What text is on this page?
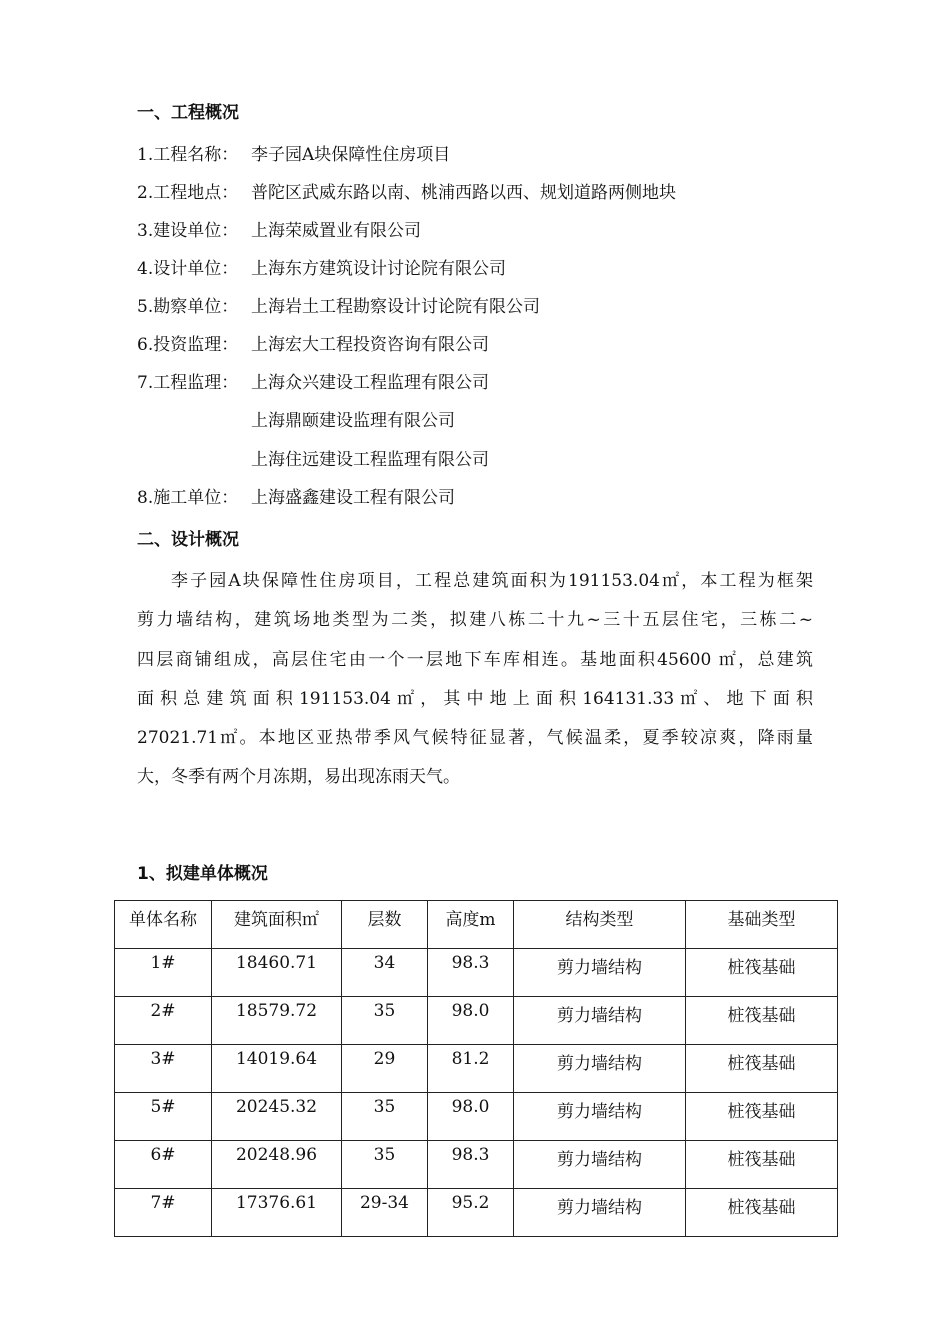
一、工程概况
1.工程名称： 李子园A块保障性住房项目
2.工程地点： 普陀区武威东路以南、桃浦西路以西、规划道路两侧地块
3.建设单位： 上海荣威置业有限公司
4.设计单位： 上海东方建筑设计讨论院有限公司
5.勘察单位： 上海岩土工程勘察设计讨论院有限公司
6.投资监理： 上海宏大工程投资咨询有限公司
7.工程监理： 上海众兴建设工程监理有限公司
上海鼎颐建设监理有限公司
上海住远建设工程监理有限公司
8.施工单位： 上海盛鑫建设工程有限公司
二、设计概况
李子园A块保障性住房项目，工程总建筑面积为191153.04㎡，本工程为框架
剪力墙结构，建筑场地类型为二类，拟建八栋二十九~三十五层住宅，三栋二~
四层商铺组成，高层住宅由一个一层地下车库相连。基地面积45600 ㎡，总建筑
面积总建筑面积191153.04㎡，其中地上面积164131.33㎡、地下面积
27021.71㎡。本地区亚热带季风气候特征显著，气候温柔，夏季较凉爽，降雨量
大，冬季有两个月冻期，易出现冻雨天气。
1、拟建单体概况
单体名称	建筑面积㎡	层数	高度m	结构类型	基础类型
1#	18460.71	34	98.3	剪力墙结构	桩筏基础
2#	18579.72	35	98.0	剪力墙结构	桩筏基础
3#	14019.64	29	81.2	剪力墙结构	桩筏基础
5#	20245.32	35	98.0	剪力墙结构	桩筏基础
6#	20248.96	35	98.3	剪力墙结构	桩筏基础
7#	17376.61	29-34	95.2	剪力墙结构	桩筏基础
